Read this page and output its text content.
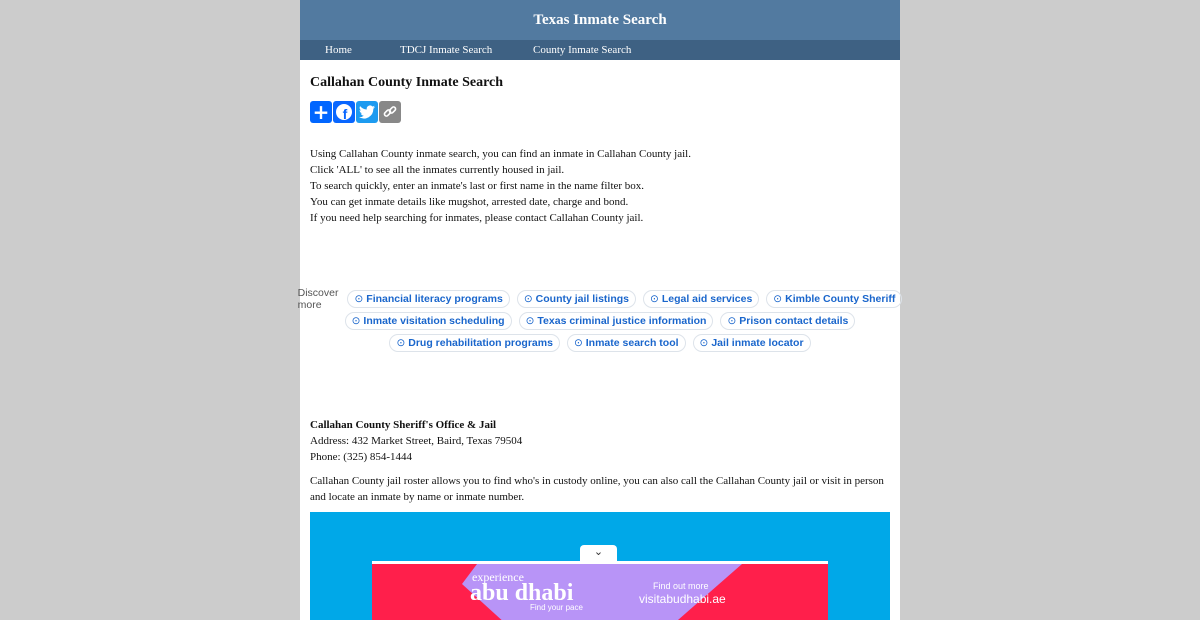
Texas Inmate Search
Home	TDCJ Inmate Search	County Inmate Search
Callahan County Inmate Search
+ f
Using Callahan County inmate search, you can find an inmate in Callahan County jail.
Click 'ALL' to see all the inmates currently housed in jail.
To search quickly, enter an inmate's last or first name in the name filter box.
You can get inmate details like mugshot, arrested date, charge and bond.
If you need help searching for inmates, please contact Callahan County jail.
Discover more	⊙ Financial literacy programs	⊙ County jail listings	⊙ Legal aid services	⊙ Kimble County Sheriff
⊙ Inmate visitation scheduling	⊙ Texas criminal justice information	⊙ Prison contact details
⊙ Drug rehabilitation programs	⊙ Inmate search tool	⊙ Jail inmate locator
Callahan County Sheriff's Office & Jail
Address: 432 Market Street, Baird, Texas 79504
Phone: (325) 854-1444
Callahan County jail roster allows you to find who's in custody online, you can also call the Callahan County jail or visit in person and locate an inmate by name or inmate number.
⌄
experience
abu dhabi
Find your pace
Find out more
visitabudhabi.ae
